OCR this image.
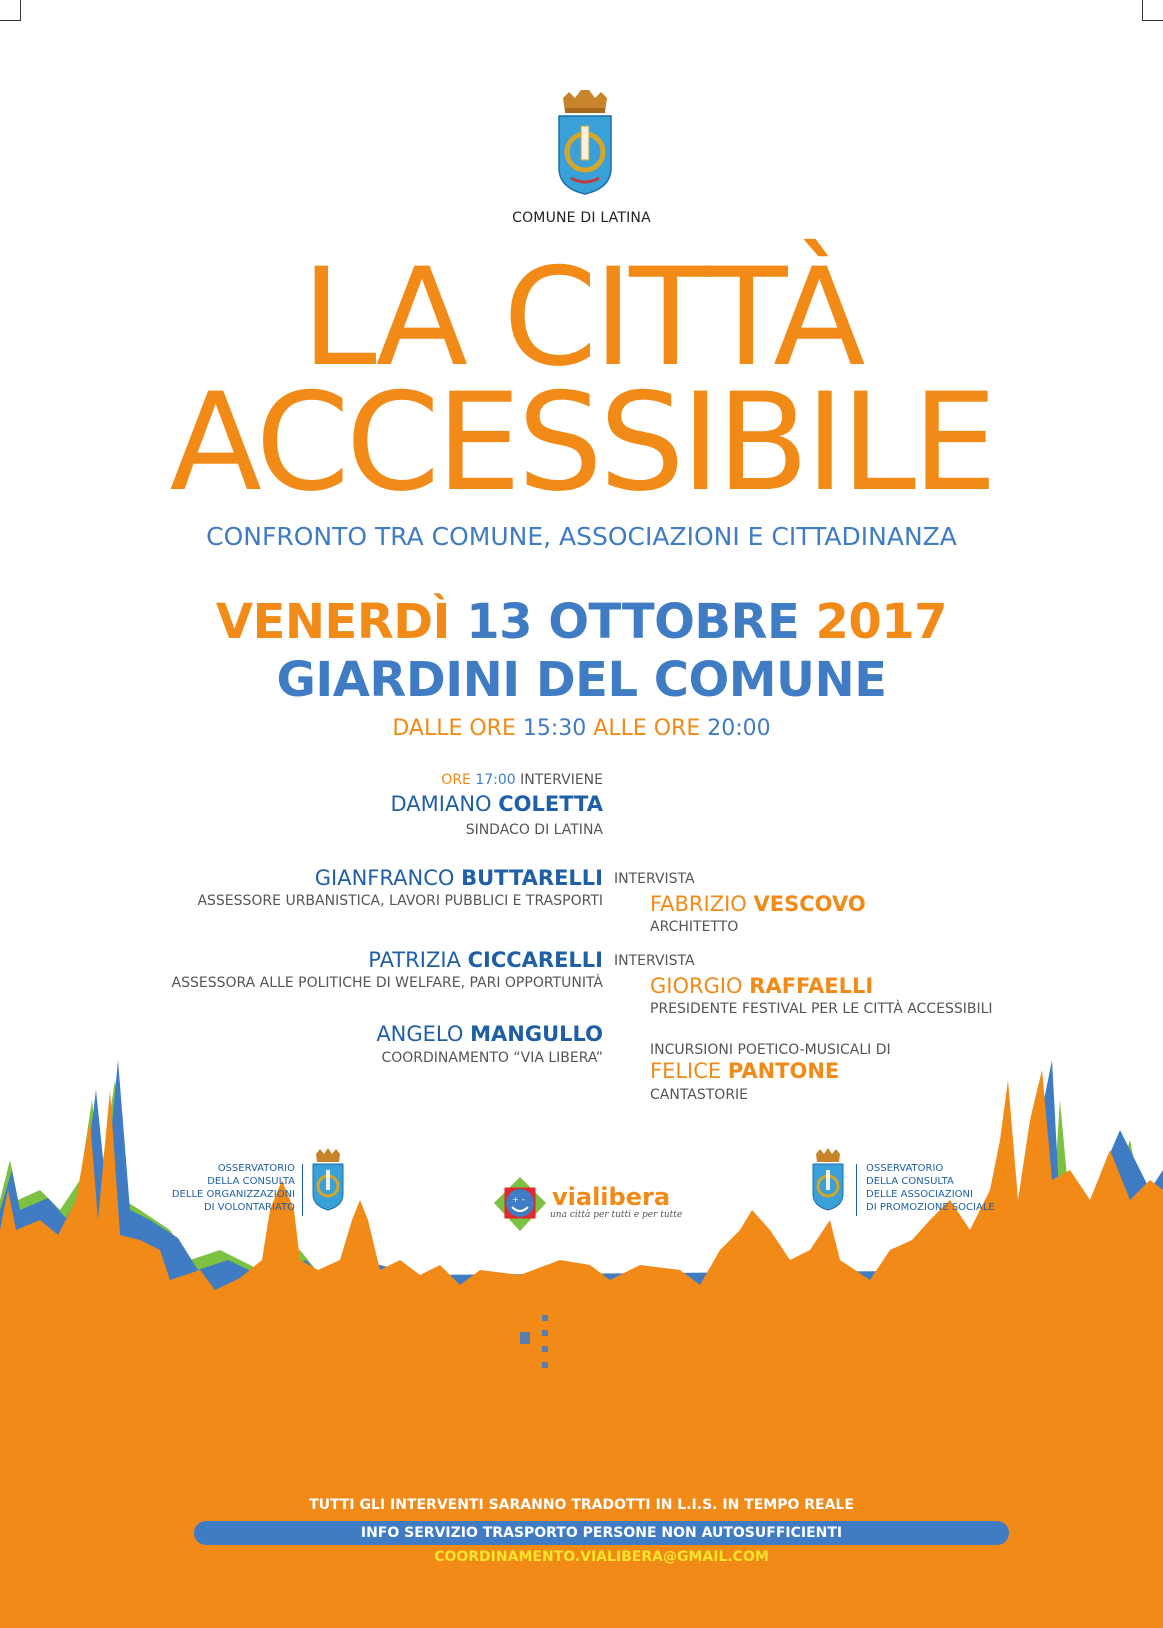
COMUNE DI LATINA
LA CITTÀ
ACCESSIBILE
CONFRONTO TRA COMUNE, ASSOCIAZIONI E CITTADINANZA
VENERDÌ 13 OTTOBRE 2017
GIARDINI DEL COMUNE
DALLE ORE 15:30 ALLE ORE 20:00
ORE 17:00 INTERVIENE
DAMIANO COLETTA
SINDACO DI LATINA
GIANFRANCO BUTTARELLI
ASSESSORE URBANISTICA, LAVORI PUBBLICI E TRASPORTI
INTERVISTA
FABRIZIO VESCOVO
ARCHITETTO
PATRIZIA CICCARELLI
ASSESSORA ALLE POLITICHE DI WELFARE, PARI OPPORTUNITÀ
INTERVISTA
GIORGIO RAFFAELLI
PRESIDENTE FESTIVAL PER LE CITTÀ ACCESSIBILI
ANGELO MANGULLO
COORDINAMENTO “VIA LIBERA”	INCURSIONI POETICO-MUSICALI DI
FELICE PANTONE
CANTASTORIE
OSSERVATORIO
DELLA CONSULTA
DELLE ORGANIZZAZIONI
DI VOLONTARIATO
+ - vialibera
una città per tutti e per tutte
OSSERVATORIO
DELLA CONSULTA
DELLE ASSOCIAZIONI
DI PROMOZIONE SOCIALE
TUTTI GLI INTERVENTI SARANNO TRADOTTI IN L.I.S. IN TEMPO REALE
INFO SERVIZIO TRASPORTO PERSONE NON AUTOSUFFICIENTI COORDINAMENTO.VIALIBERA@GMAIL.COM
